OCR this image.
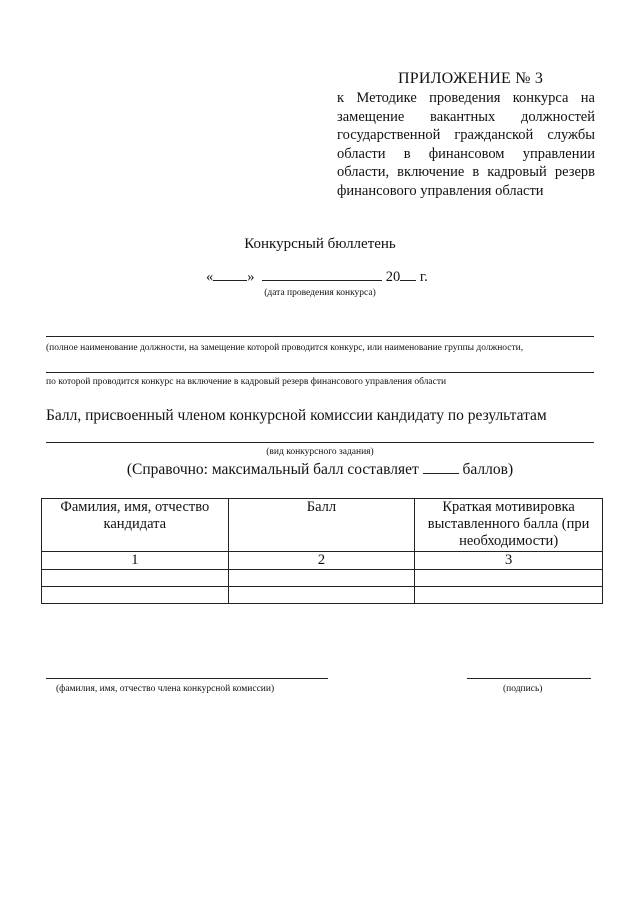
ПРИЛОЖЕНИЕ № 3
к Методике проведения конкурса на
замещение вакантных должностей
государственной гражданской службы
области в финансовом управлении
области, включение в кадровый резерв
финансового управления области
Конкурсный бюллетень
« »	20 г.
(дата проведения конкурса)
(полное наименование должности, на замещение которой проводится конкурс, или наименование группы должности,
по которой проводится конкурс на включение в кадровый резерв финансового управления области
Балл, присвоенный членом конкурсной комиссии кандидату по результатам
(вид конкурсного задания)
(Справочно: максимальный балл составляет	баллов)
Фамилия, имя, отчество кандидата	Балл	Краткая мотивировка выставленного балла (при необходимости)
1	2	3

(фамилия, имя, отчество члена конкурсной комиссии)	(подпись)
